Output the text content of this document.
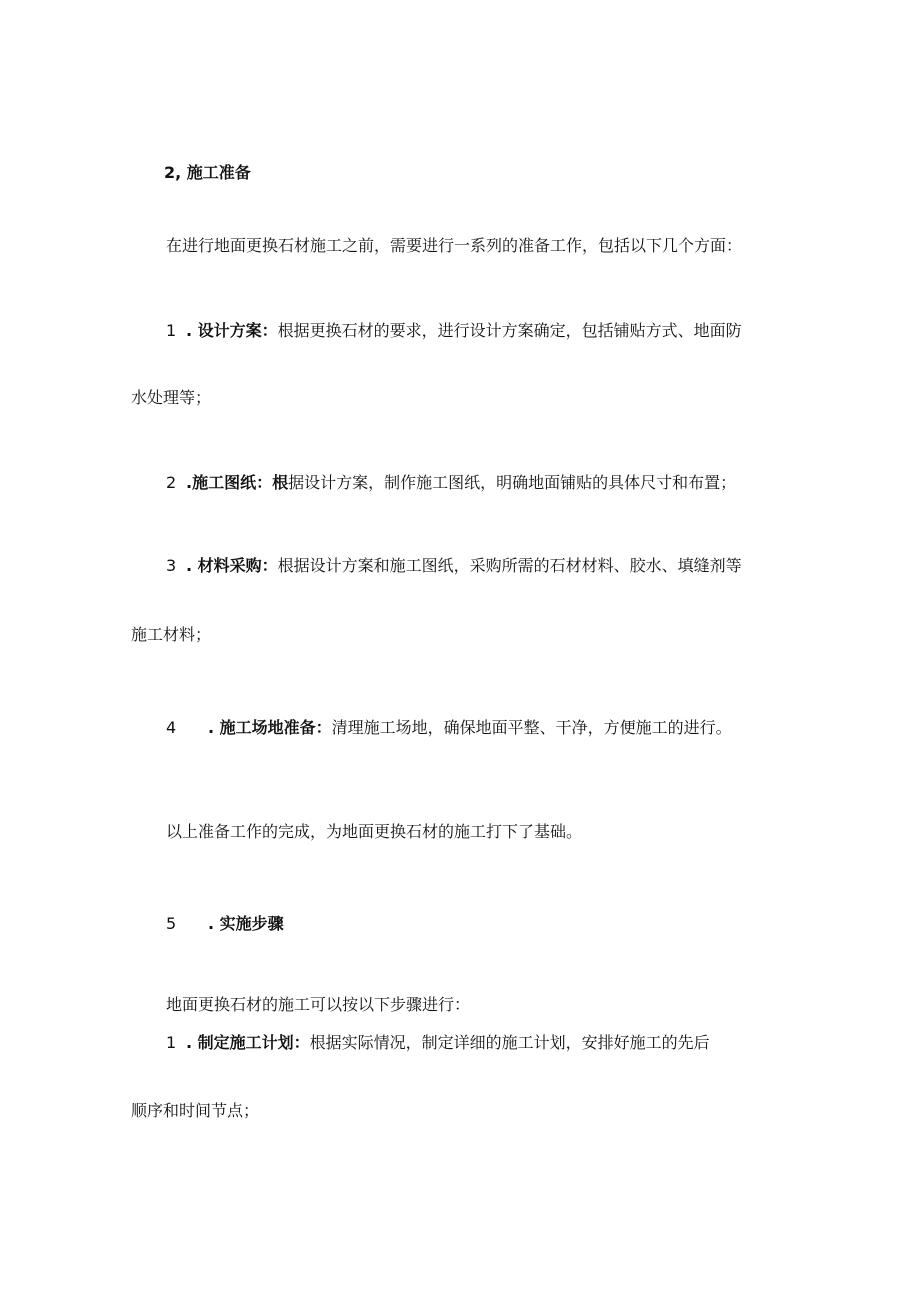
2, 施工准备
在进行地面更换石材施工之前，需要进行一系列的准备工作，包括以下几个方面：
1 . 设计方案：根据更换石材的要求，进行设计方案确定，包括铺贴方式、地面防
水处理等；
2 .施工图纸：根据设计方案，制作施工图纸，明确地面铺贴的具体尺寸和布置；
3 . 材料采购：根据设计方案和施工图纸，采购所需的石材材料、胶水、填缝剂等
施工材料；
4 . 施工场地准备：清理施工场地，确保地面平整、干净，方便施工的进行。
以上准备工作的完成，为地面更换石材的施工打下了基础。
5 . 实施步骤
地面更换石材的施工可以按以下步骤进行：
1 . 制定施工计划：根据实际情况，制定详细的施工计划，安排好施工的先后
顺序和时间节点；
